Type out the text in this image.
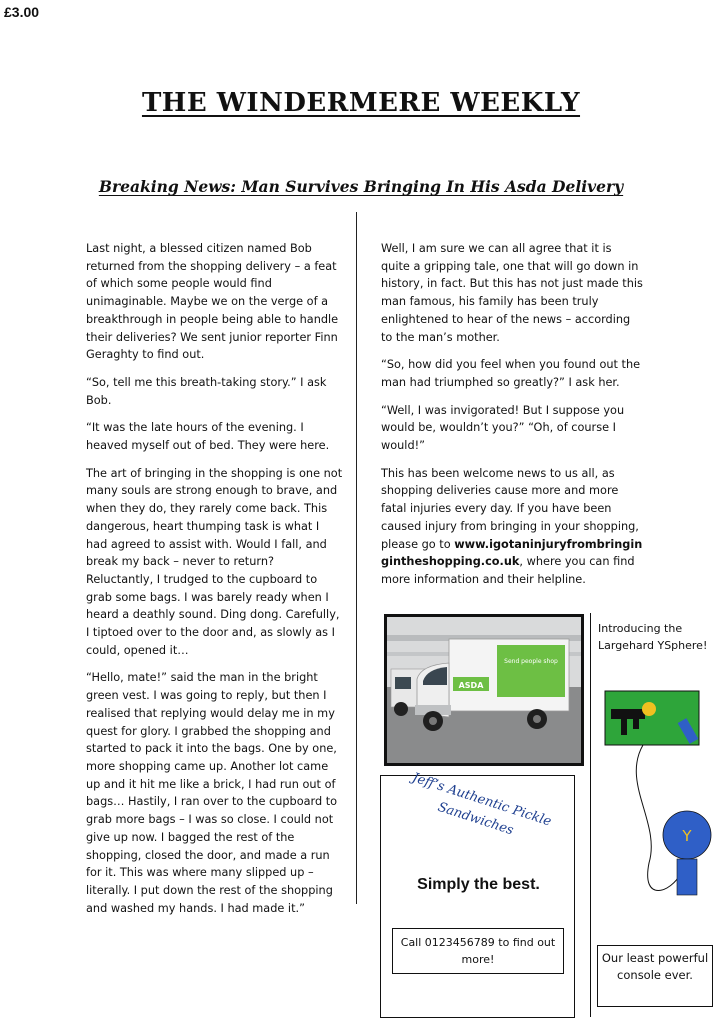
£3.00
THE WINDERMERE WEEKLY
Breaking News: Man Survives Bringing In His Asda Delivery

Last night, a blessed citizen named Bob returned from the shopping delivery – a feat of which some people would find unimaginable. Maybe we on the verge of a breakthrough in people being able to handle their deliveries? We sent junior reporter Finn Geraghty to find out.

“So, tell me this breath-taking story.” I ask Bob.

“It was the late hours of the evening. I heaved myself out of bed. They were here.

The art of bringing in the shopping is one not many souls are strong enough to brave, and when they do, they rarely come back. This dangerous, heart thumping task is what I had agreed to assist with. Would I fall, and break my back – never to return? Reluctantly, I trudged to the cupboard to grab some bags. I was barely ready when I heard a deathly sound. Ding dong. Carefully, I tiptoed over to the door and, as slowly as I could, opened it…

“Hello, mate!” said the man in the bright green vest. I was going to reply, but then I realised that replying would delay me in my quest for glory. I grabbed the shopping and started to pack it into the bags. One by one, more shopping came up. Another lot came up and it hit me like a brick, I had run out of bags… Hastily, I ran over to the cupboard to grab more bags – I was so close. I could not give up now. I bagged the rest of the shopping, closed the door, and made a run for it. This was where many slipped up – literally. I put down the rest of the shopping and washed my hands. I had made it.”

Well, I am sure we can all agree that it is quite a gripping tale, one that will go down in history, in fact. But this has not just made this man famous, his family has been truly enlightened to hear of the news – according to the man’s mother.

“So, how did you feel when you found out the man had triumphed so greatly?” I ask her.

“Well, I was invigorated! But I suppose you would be, wouldn’t you?” “Oh, of course I would!”

This has been welcome news to us all, as shopping deliveries cause more and more fatal injuries every day. If you have been caused injury from bringing in your shopping, please go to www.igotaninjuryfrombringingintheshopping.co.uk, where you can find more information and their helpline.

Send people shop
ASDA
Jeff’s Authentic Pickle Sandwiches
Simply the best.
Call 0123456789 to find out more!
Introducing the Largehard YSphere!
Y
Our least powerful console ever.
